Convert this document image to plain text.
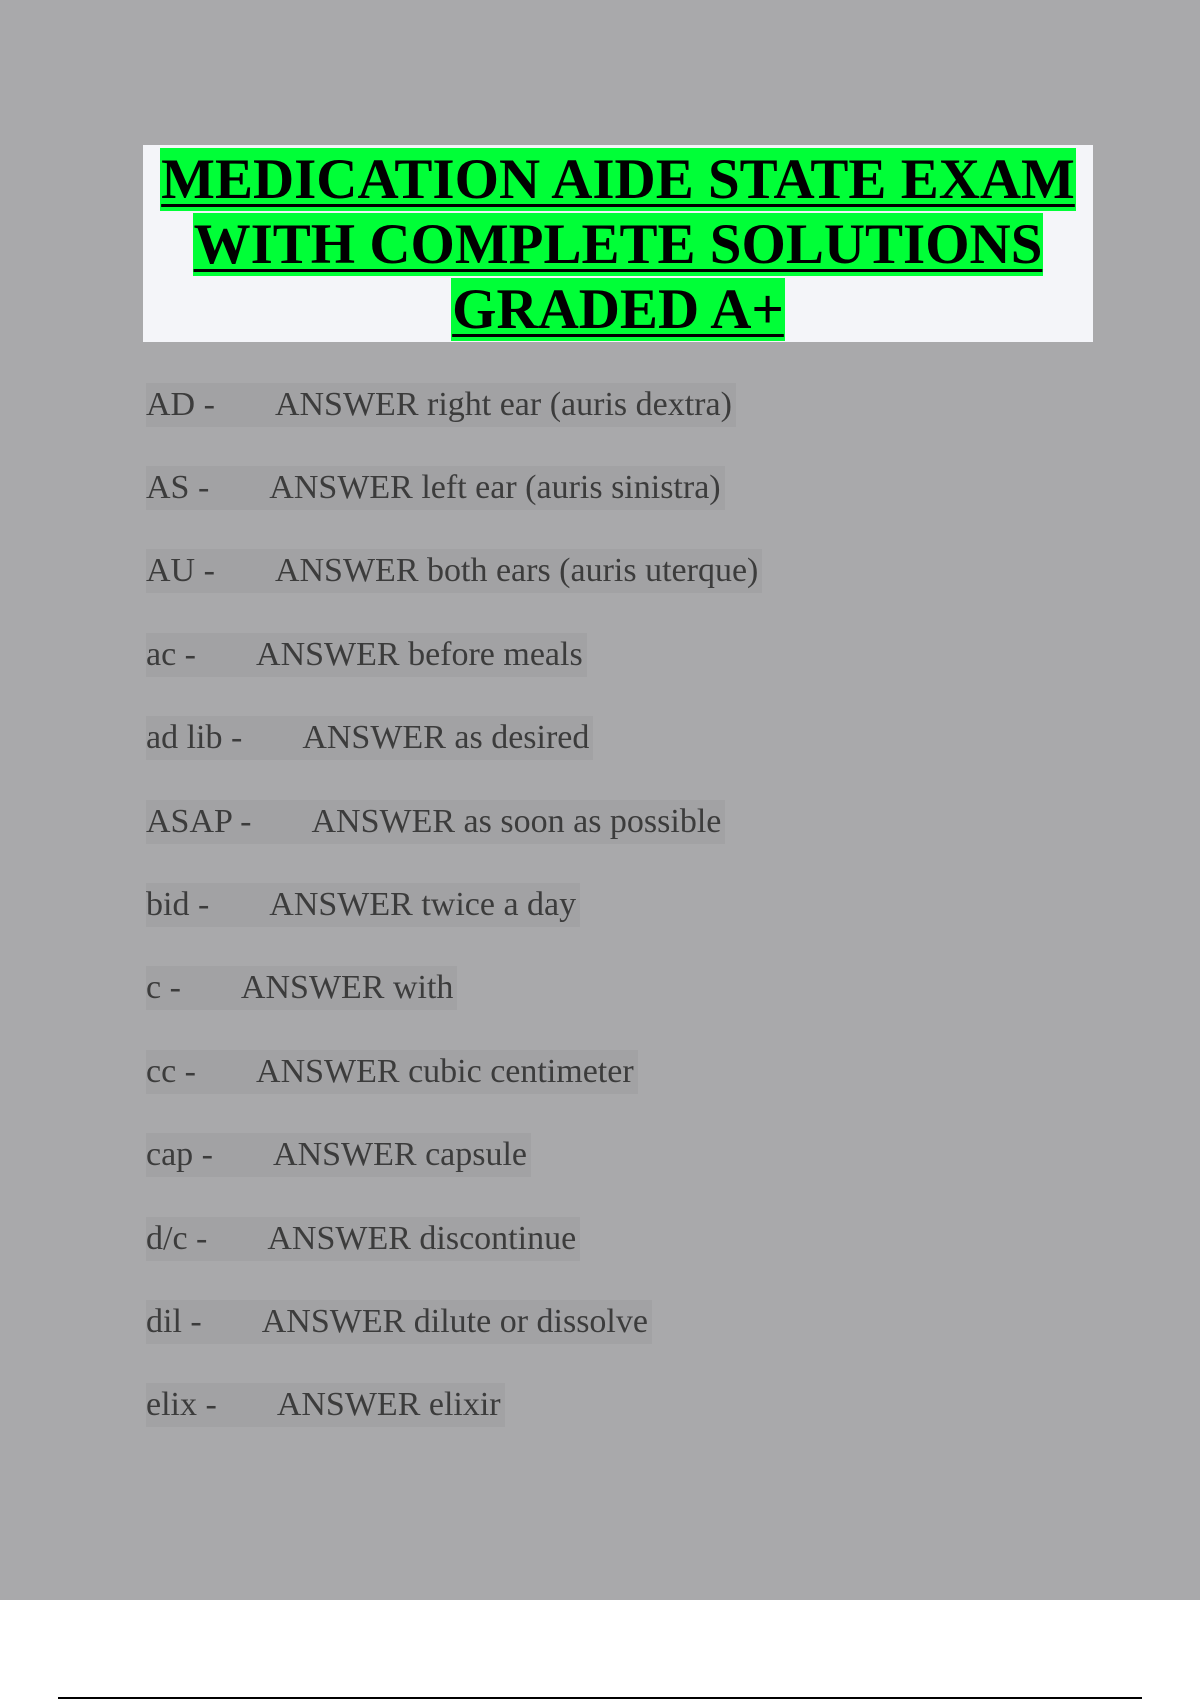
MEDICATION AIDE STATE EXAM
WITH COMPLETE SOLUTIONS
GRADED A+
AD - ANSWER right ear (auris dextra)
AS - ANSWER left ear (auris sinistra)
AU - ANSWER both ears (auris uterque)
ac - ANSWER before meals
ad lib - ANSWER as desired
ASAP - ANSWER as soon as possible
bid - ANSWER twice a day
c - ANSWER with
cc - ANSWER cubic centimeter
cap - ANSWER capsule
d/c - ANSWER discontinue
dil - ANSWER dilute or dissolve
elix - ANSWER elixir
